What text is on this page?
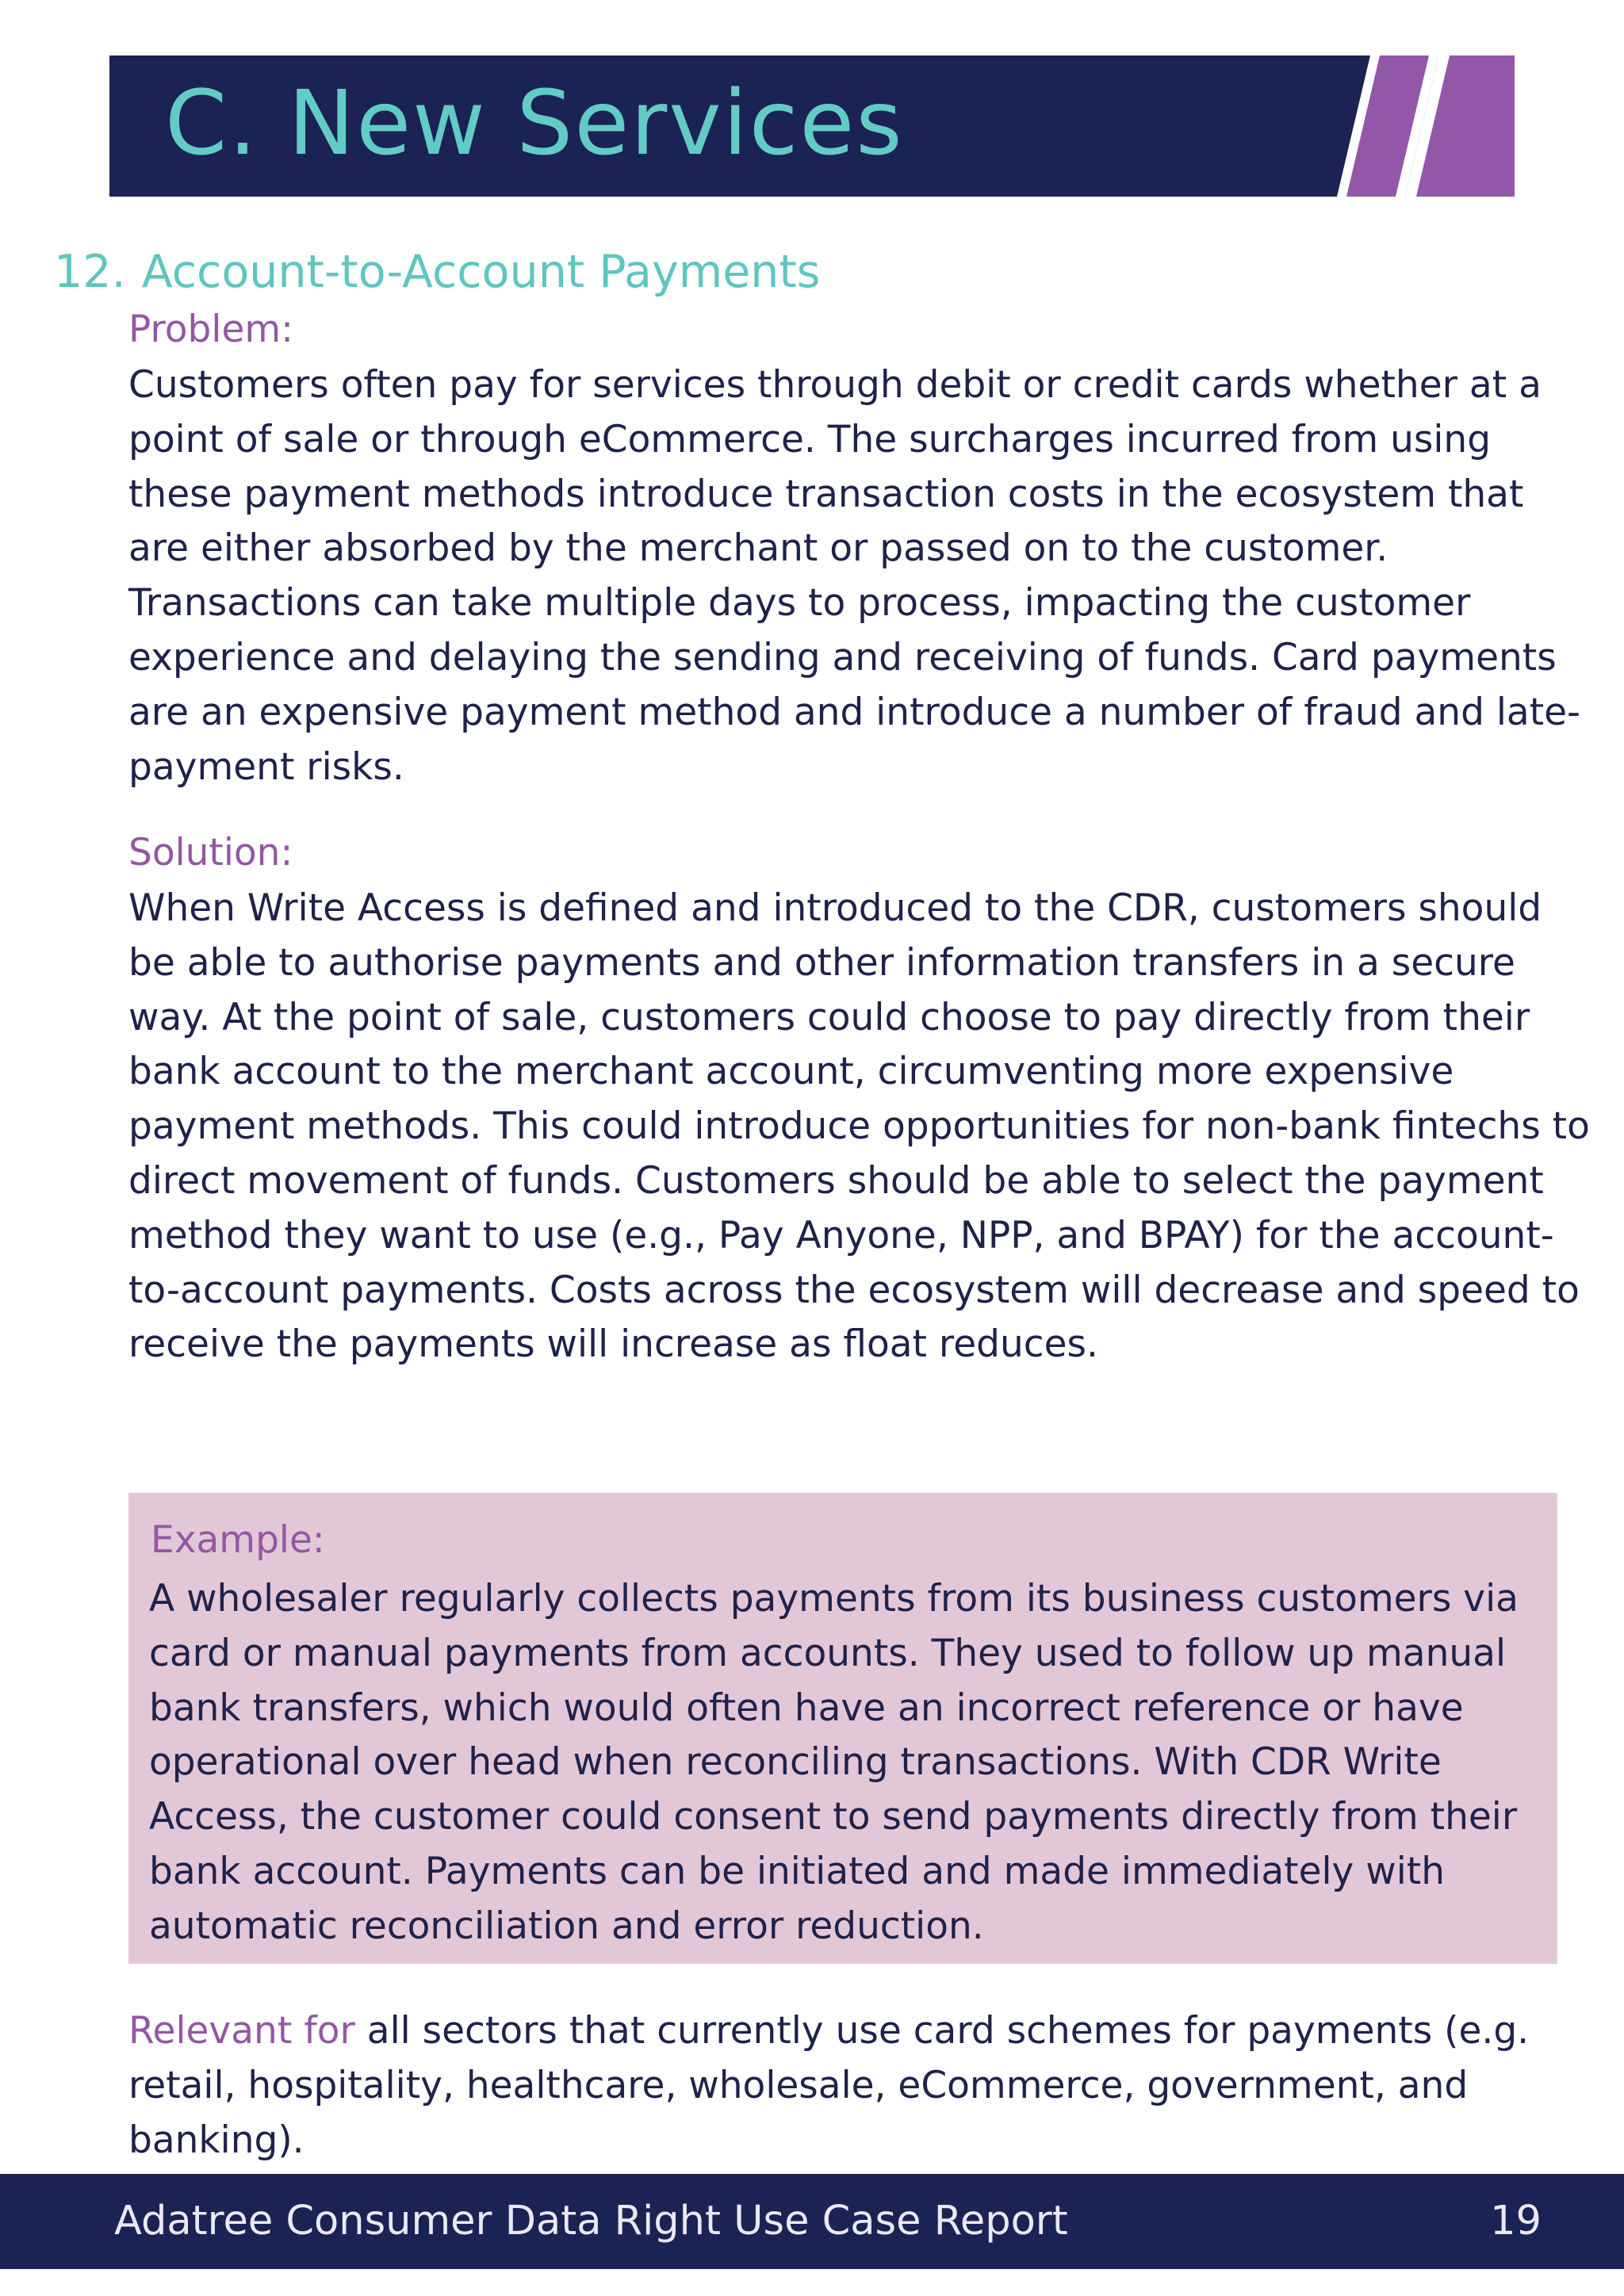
C. New Services
12. Account-to-Account Payments
Problem:
Customers often pay for services through debit or credit cards whether at a point of sale or through eCommerce. The surcharges incurred from using these payment methods introduce transaction costs in the ecosystem that are either absorbed by the merchant or passed on to the customer. Transactions can take multiple days to process, impacting the customer experience and delaying the sending and receiving of funds. Card payments are an expensive payment method and introduce a number of fraud and late-payment risks.
Solution:
When Write Access is defined and introduced to the CDR, customers should be able to authorise payments and other information transfers in a secure way. At the point of sale, customers could choose to pay directly from their bank account to the merchant account, circumventing more expensive payment methods. This could introduce opportunities for non-bank fintechs to direct movement of funds. Customers should be able to select the payment method they want to use (e.g., Pay Anyone, NPP, and BPAY) for the account-to-account payments. Costs across the ecosystem will decrease and speed to receive the payments will increase as float reduces.
Example:
A wholesaler regularly collects payments from its business customers via card or manual payments from accounts. They used to follow up manual bank transfers, which would often have an incorrect reference or have operational over head when reconciling transactions. With CDR Write Access, the customer could consent to send payments directly from their bank account. Payments can be initiated and made immediately with automatic reconciliation and error reduction.
Relevant for all sectors that currently use card schemes for payments (e.g. retail, hospitality, healthcare, wholesale, eCommerce, government, and banking).
Adatree Consumer Data Right Use Case Report	19
